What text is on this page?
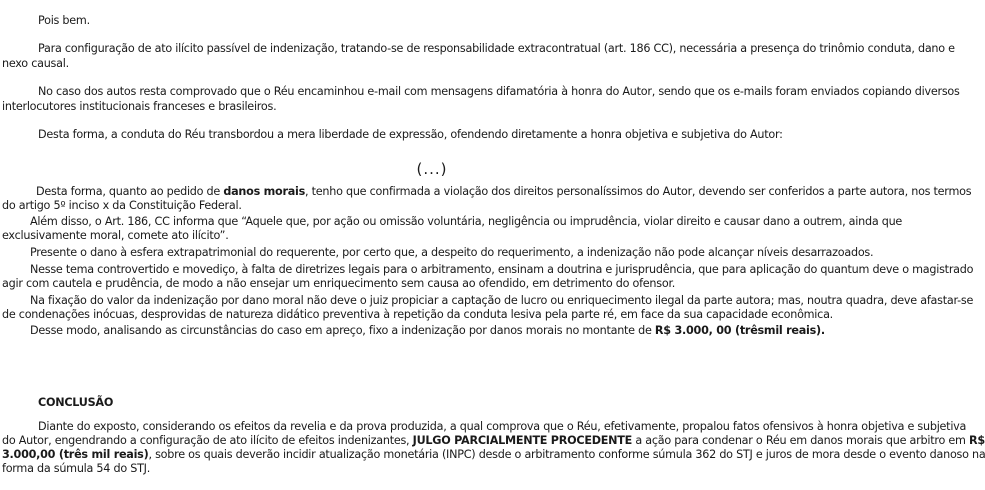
Pois bem.
Para configuração de ato ilícito passível de indenização, tratando-se de responsabilidade extracontratual (art. 186 CC), necessária a presença do trinômio conduta, dano e
nexo causal.
No caso dos autos resta comprovado que o Réu encaminhou e-mail com mensagens difamatória à honra do Autor, sendo que os e-mails foram enviados copiando diversos
interlocutores institucionais franceses e brasileiros.
Desta forma, a conduta do Réu transbordou a mera liberdade de expressão, ofendendo diretamente a honra objetiva e subjetiva do Autor:
(...)
Desta forma, quanto ao pedido de danos morais, tenho que confirmada a violação dos direitos personalíssimos do Autor, devendo ser conferidos a parte autora, nos termos
do artigo 5º inciso x da Constituição Federal.
Além disso, o Art. 186, CC informa que “Aquele que, por ação ou omissão voluntária, negligência ou imprudência, violar direito e causar dano a outrem, ainda que
exclusivamente moral, comete ato ilícito”.
Presente o dano à esfera extrapatrimonial do requerente, por certo que, a despeito do requerimento, a indenização não pode alcançar níveis desarrazoados.
Nesse tema controvertido e movediço, à falta de diretrizes legais para o arbitramento, ensinam a doutrina e jurisprudência, que para aplicação do quantum deve o magistrado
agir com cautela e prudência, de modo a não ensejar um enriquecimento sem causa ao ofendido, em detrimento do ofensor.
Na fixação do valor da indenização por dano moral não deve o juiz propiciar a captação de lucro ou enriquecimento ilegal da parte autora; mas, noutra quadra, deve afastar-se
de condenações inócuas, desprovidas de natureza didático preventiva à repetição da conduta lesiva pela parte ré, em face da sua capacidade econômica.
Desse modo, analisando as circunstâncias do caso em apreço, fixo a indenização por danos morais no montante de R$ 3.000, 00 (trêsmil reais).
CONCLUSÃO
Diante do exposto, considerando os efeitos da revelia e da prova produzida, a qual comprova que o Réu, efetivamente, propalou fatos ofensivos à honra objetiva e subjetiva
do Autor, engendrando a configuração de ato ilícito de efeitos indenizantes, JULGO PARCIALMENTE PROCEDENTE a ação para condenar o Réu em danos morais que arbitro em R$
3.000,00 (três mil reais), sobre os quais deverão incidir atualização monetária (INPC) desde o arbitramento conforme súmula 362 do STJ e juros de mora desde o evento danoso na
forma da súmula 54 do STJ.
